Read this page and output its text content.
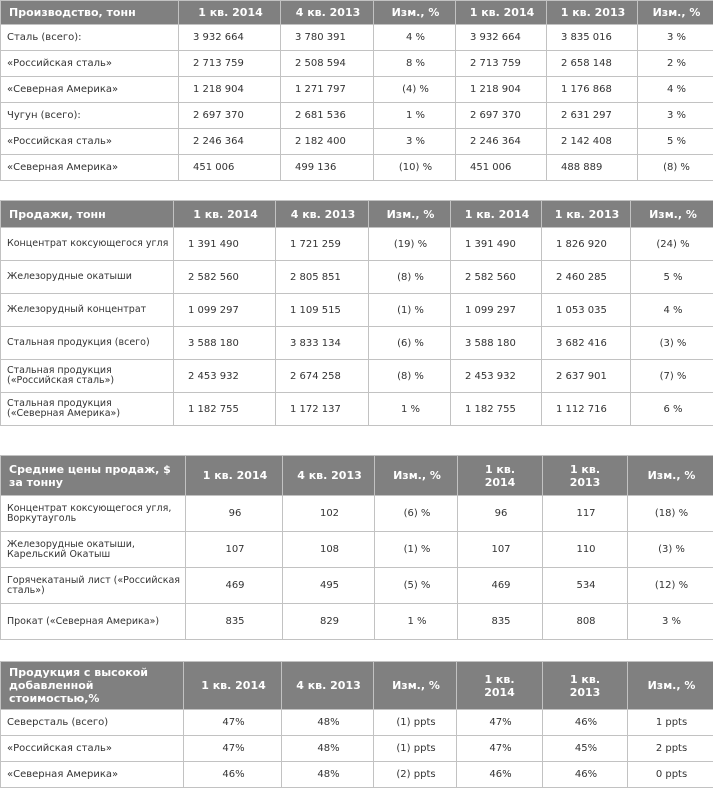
Производство, тонн	1 кв. 2014	4 кв. 2013	Изм., %	1 кв. 2014	1 кв. 2013	Изм., %
Сталь (всего):	3 932 664	3 780 391	4 %	3 932 664	3 835 016	3 %
«Российская сталь»	2 713 759	2 508 594	8 %	2 713 759	2 658 148	2 %
«Северная Америка»	1 218 904	1 271 797	(4) %	1 218 904	1 176 868	4 %
Чугун (всего):	2 697 370	2 681 536	1 %	2 697 370	2 631 297	3 %
«Российская сталь»	2 246 364	2 182 400	3 %	2 246 364	2 142 408	5 %
«Северная Америка»	451 006	499 136	(10) %	451 006	488 889	(8) %
Продажи, тонн	1 кв. 2014	4 кв. 2013	Изм., %	1 кв. 2014	1 кв. 2013	Изм., %
Концентрат коксующегося угля	1 391 490	1 721 259	(19) %	1 391 490	1 826 920	(24) %
Железорудные окатыши	2 582 560	2 805 851	(8) %	2 582 560	2 460 285	5 %
Железорудный концентрат	1 099 297	1 109 515	(1) %	1 099 297	1 053 035	4 %
Стальная продукция (всего)	3 588 180	3 833 134	(6) %	3 588 180	3 682 416	(3) %
Стальная продукция («Российская сталь»)	2 453 932	2 674 258	(8) %	2 453 932	2 637 901	(7) %
Стальная продукция («Северная Америка»)	1 182 755	1 172 137	1 %	1 182 755	1 112 716	6 %
Средние цены продаж, $ за тонну	1 кв. 2014	4 кв. 2013	Изм., %	1 кв. 2014	1 кв. 2013	Изм., %
Концентрат коксующегося угля, Воркутауголь	96	102	(6) %	96	117	(18) %
Железорудные окатыши, Карельский Окатыш	107	108	(1) %	107	110	(3) %
Горячекатаный лист («Российская сталь»)	469	495	(5) %	469	534	(12) %
Прокат («Северная Америка»)	835	829	1 %	835	808	3 %
Продукция с высокой добавленной стоимостью,%	1 кв. 2014	4 кв. 2013	Изм., %	1 кв. 2014	1 кв. 2013	Изм., %
Северсталь (всего)	47%	48%	(1) ppts	47%	46%	1 ppts
«Российская сталь»	47%	48%	(1) ppts	47%	45%	2 ppts
«Северная Америка»	46%	48%	(2) ppts	46%	46%	0 ppts
